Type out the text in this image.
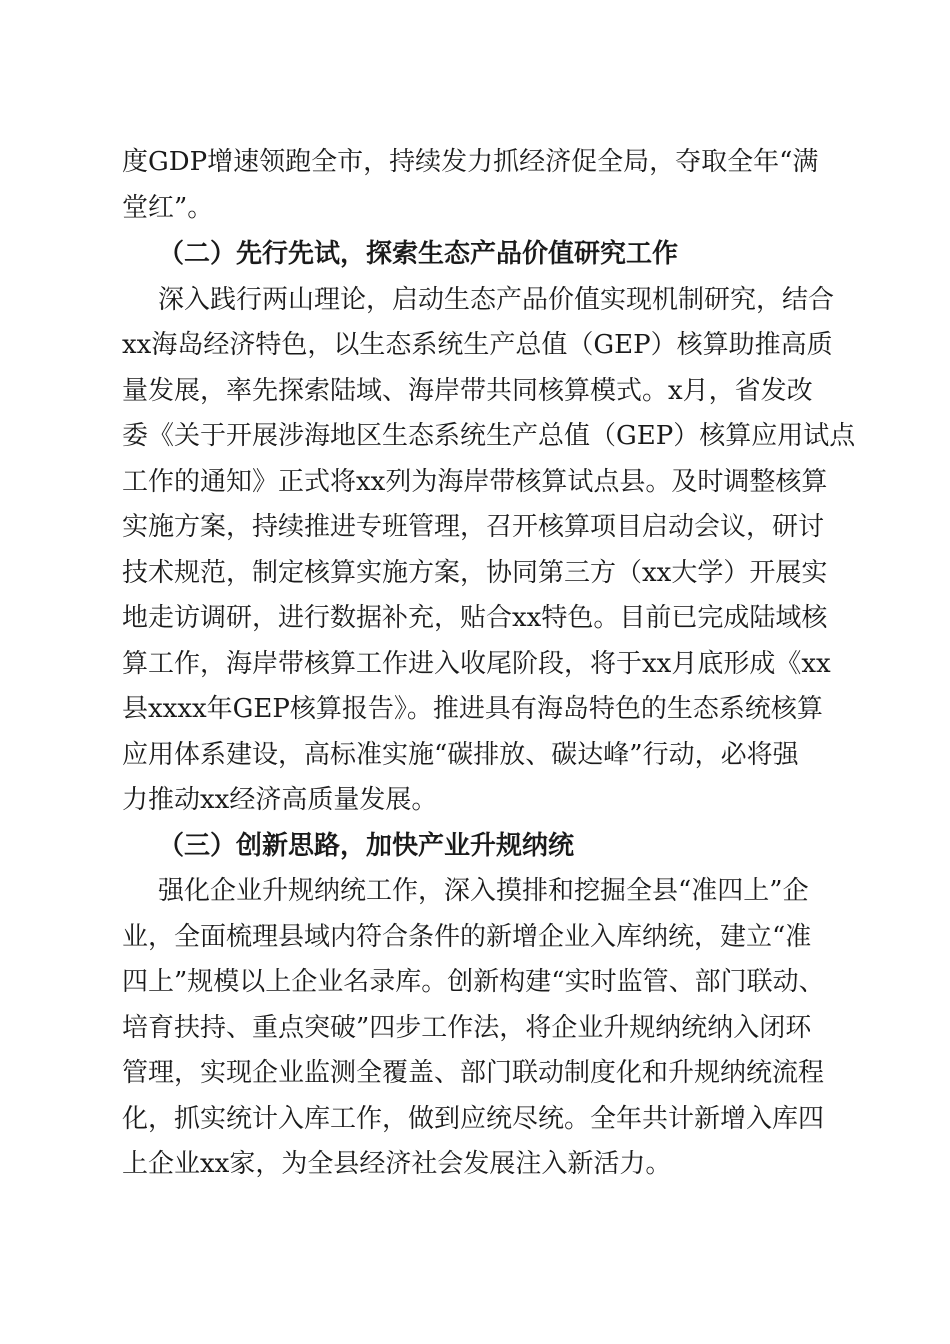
度GDP增速领跑全市，持续发力抓经济促全局，夺取全年“满
堂红”。
（二）先行先试，探索生态产品价值研究工作
深入践行两山理论，启动生态产品价值实现机制研究，结合
xx海岛经济特色，以生态系统生产总值（GEP）核算助推高质
量发展，率先探索陆域、海岸带共同核算模式。x月，省发改
委《关于开展涉海地区生态系统生产总值（GEP）核算应用试点
工作的通知》正式将xx列为海岸带核算试点县。及时调整核算
实施方案，持续推进专班管理，召开核算项目启动会议，研讨
技术规范，制定核算实施方案，协同第三方（xx大学）开展实
地走访调研，进行数据补充，贴合xx特色。目前已完成陆域核
算工作，海岸带核算工作进入收尾阶段，将于xx月底形成《xx
县xxxx年GEP核算报告》。推进具有海岛特色的生态系统核算
应用体系建设，高标准实施“碳排放、碳达峰”行动，必将强
力推动xx经济高质量发展。
（三）创新思路，加快产业升规纳统
强化企业升规纳统工作，深入摸排和挖掘全县“准四上”企
业，全面梳理县域内符合条件的新增企业入库纳统，建立“准
四上”规模以上企业名录库。创新构建“实时监管、部门联动、
培育扶持、重点突破”四步工作法，将企业升规纳统纳入闭环
管理，实现企业监测全覆盖、部门联动制度化和升规纳统流程
化，抓实统计入库工作，做到应统尽统。全年共计新增入库四
上企业xx家，为全县经济社会发展注入新活力。
